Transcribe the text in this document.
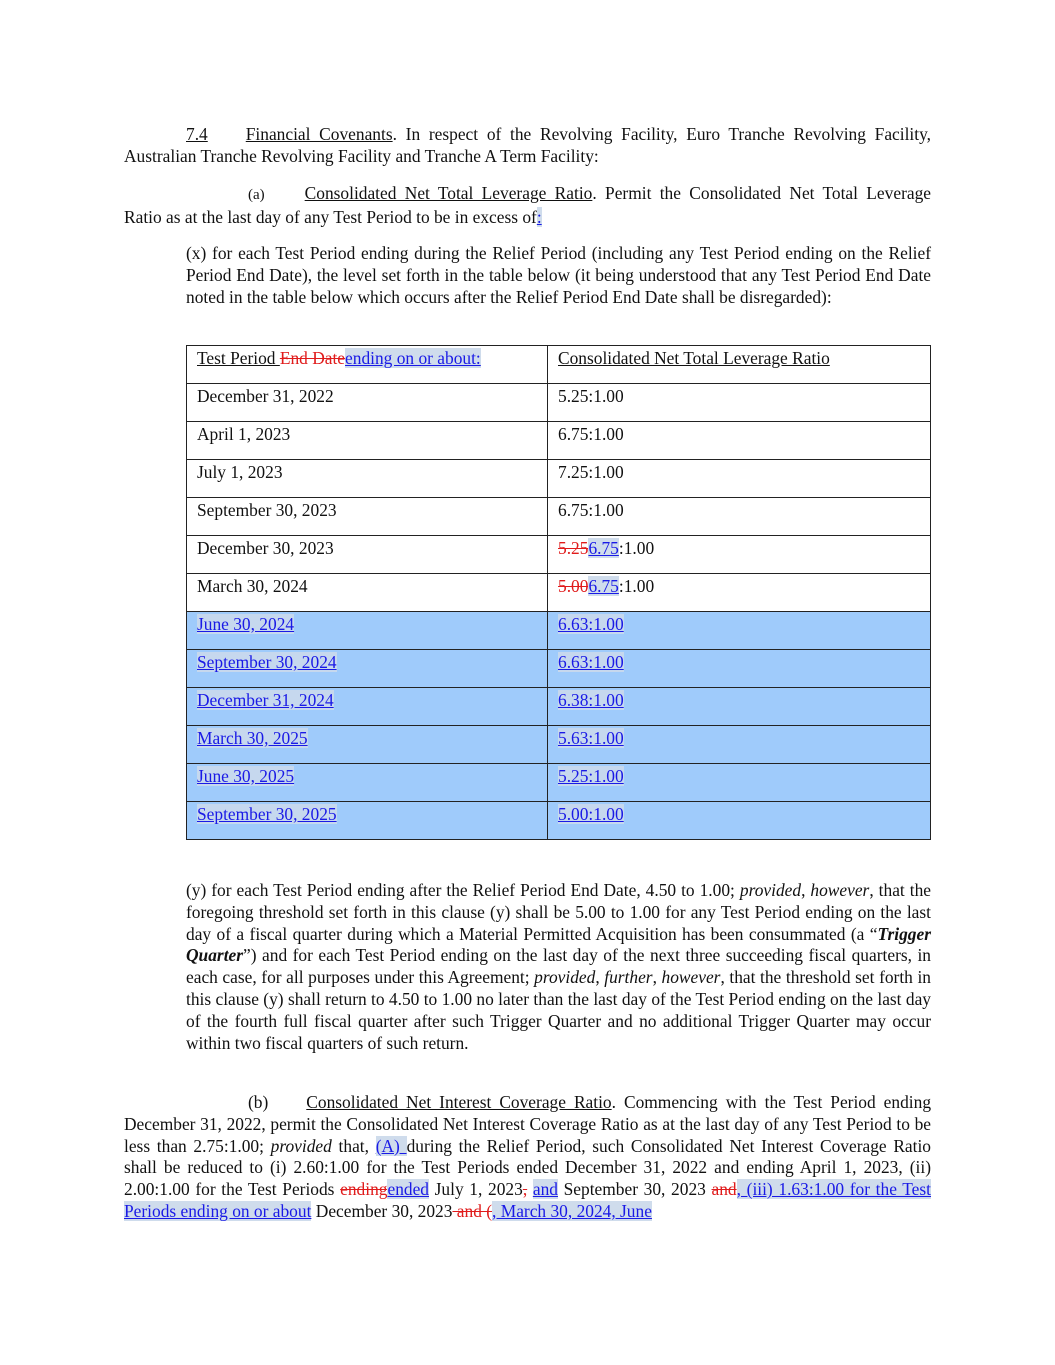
7.4 Financial Covenants. In respect of the Revolving Facility, Euro Tranche Revolving Facility, Australian Tranche Revolving Facility and Tranche A Term Facility:
(a) Consolidated Net Total Leverage Ratio. Permit the Consolidated Net Total Leverage Ratio as at the last day of any Test Period to be in excess of:
(x) for each Test Period ending during the Relief Period (including any Test Period ending on the Relief Period End Date), the level set forth in the table below (it being understood that any Test Period End Date noted in the table below which occurs after the Relief Period End Date shall be disregarded):
Test Period End Dateending on or about:	Consolidated Net Total Leverage Ratio
December 31, 2022	5.25:1.00
April 1, 2023	6.75:1.00
July 1, 2023	7.25:1.00
September 30, 2023	6.75:1.00
December 30, 2023	5.256.75:1.00
March 30, 2024	5.006.75:1.00
June 30, 2024	6.63:1.00
September 30, 2024	6.63:1.00
December 31, 2024	6.38:1.00
March 30, 2025	5.63:1.00
June 30, 2025	5.25:1.00
September 30, 2025	5.00:1.00
(y) for each Test Period ending after the Relief Period End Date, 4.50 to 1.00; provided, however, that the foregoing threshold set forth in this clause (y) shall be 5.00 to 1.00 for any Test Period ending on the last day of a fiscal quarter during which a Material Permitted Acquisition has been consummated (a “Trigger Quarter”) and for each Test Period ending on the last day of the next three succeeding fiscal quarters, in each case, for all purposes under this Agreement; provided, further, however, that the threshold set forth in this clause (y) shall return to 4.50 to 1.00 no later than the last day of the Test Period ending on the last day of the fourth full fiscal quarter after such Trigger Quarter and no additional Trigger Quarter may occur within two fiscal quarters of such return.
(b) Consolidated Net Interest Coverage Ratio. Commencing with the Test Period ending December 31, 2022, permit the Consolidated Net Interest Coverage Ratio as at the last day of any Test Period to be less than 2.75:1.00; provided that, (A) during the Relief Period, such Consolidated Net Interest Coverage Ratio shall be reduced to (i) 2.60:1.00 for the Test Periods ended December 31, 2022 and ending April 1, 2023, (ii) 2.00:1.00 for the Test Periods endingended July 1, 2023, and September 30, 2023 and, (iii) 1.63:1.00 for the Test Periods ending on or about December 30, 2023 and (, March 30, 2024, June
